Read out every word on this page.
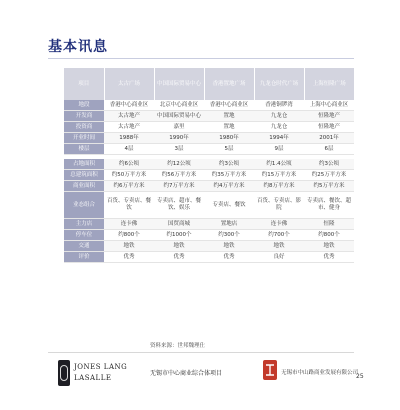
基本讯息
项目	太古广场	中国国际贸易中心	香港置地广场	九龙仓时代广场	上海恒隆广场
地段	香港中心商业区	北京中心商业区	香港中心商业区	香港铜锣湾	上海中心商业区
开发商	太古地产	中国国际贸易中心	置地	九龙仓	恒隆地产
投资商	太古地产	嘉里	置地	九龙仓	恒隆地产
开业时间	1988年	1990年	1980年	1994年	2001年
楼层	4层	3层	5层	9层	6层

占地面积	约6公顷	约12公顷	约3公顷	约1.4公顷	约3公顷
总建筑面积	约50万平方米	约56万平方米	约35万平方米	约15万平方米	约25万平方米
商业面积	约6万平方米	约7万平方米	约4万平方米	约8万平方米	约5万平方米
业态组合	百货、专卖店、餐饮	专卖店、超市、餐饮、娱乐	专卖店、餐饮	百货、专卖店、影院	专卖店、餐饮、超市、健身
主力店	连卡佛	国贸商城	置地店	连卡佛	恒隆
停车位	约800个	约1000个	约300个	约700个	约800个
交通	地铁	地铁	地铁	地铁	地铁
评价	优秀	优秀	优秀	良好	优秀
资料来源：世邦魏理仕
JONES LANG
LASALLE
无锡市中心商业综合体项目	无锡市中山路商业发展有限公司
25
